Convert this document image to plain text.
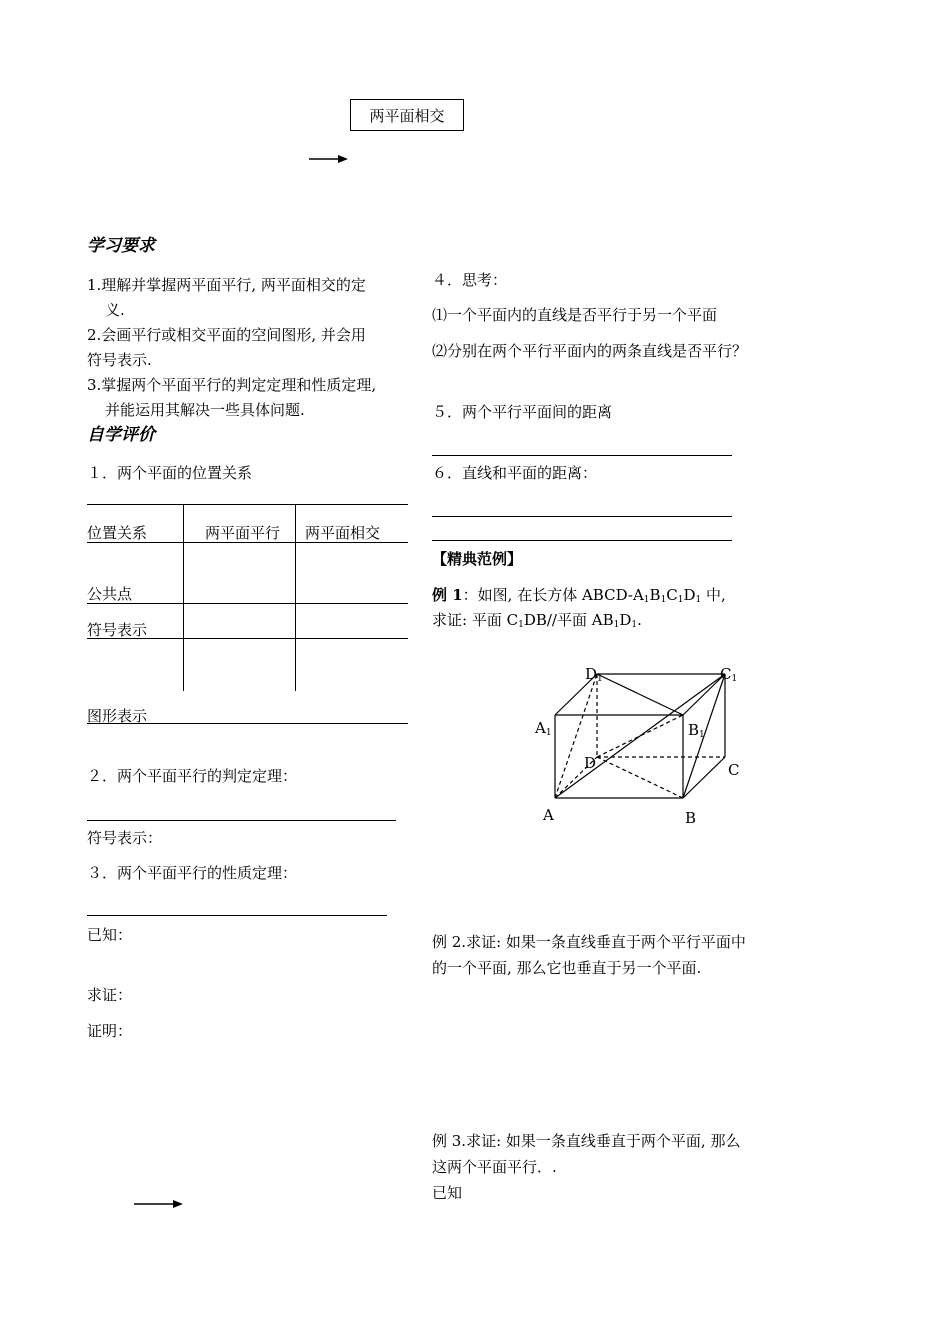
两平面相交
学习要求
1.理解并掌握两平面平行, 两平面相交的定
义.
2.会画平行或相交平面的空间图形, 并会用
符号表示.
3.掌握两个平面平行的判定定理和性质定理,
并能运用其解决一些具体问题.
自学评价
１．两个平面的位置关系
位置关系	两平面平行 两平面相交
公共点
符号表示
图形表示
２．两个平面平行的判定定理：
符号表示：
３．两个平面平行的性质定理：
已知：
求证：
证明：
４．思考：
⑴一个平面内的直线是否平行于另一个平面
⑵分别在两个平行平面内的两条直线是否平行？
５．两个平行平面间的距离
６．直线和平面的距离：
【精典范例】
例 1：如图, 在长方体 ABCD-$A_1B_1C_1D_1$ 中,
求证: 平面 $C_1DB//$平面 $AB_1D_1$.
$D_1$	$C_1$
$A_1$	$B_1$
D	C
A	B
例 2.求证: 如果一条直线垂直于两个平行平面中
的一个平面, 那么它也垂直于另一个平面.
例 3.求证: 如果一条直线垂直于两个平面, 那么
这两个平面平行．.
已知
